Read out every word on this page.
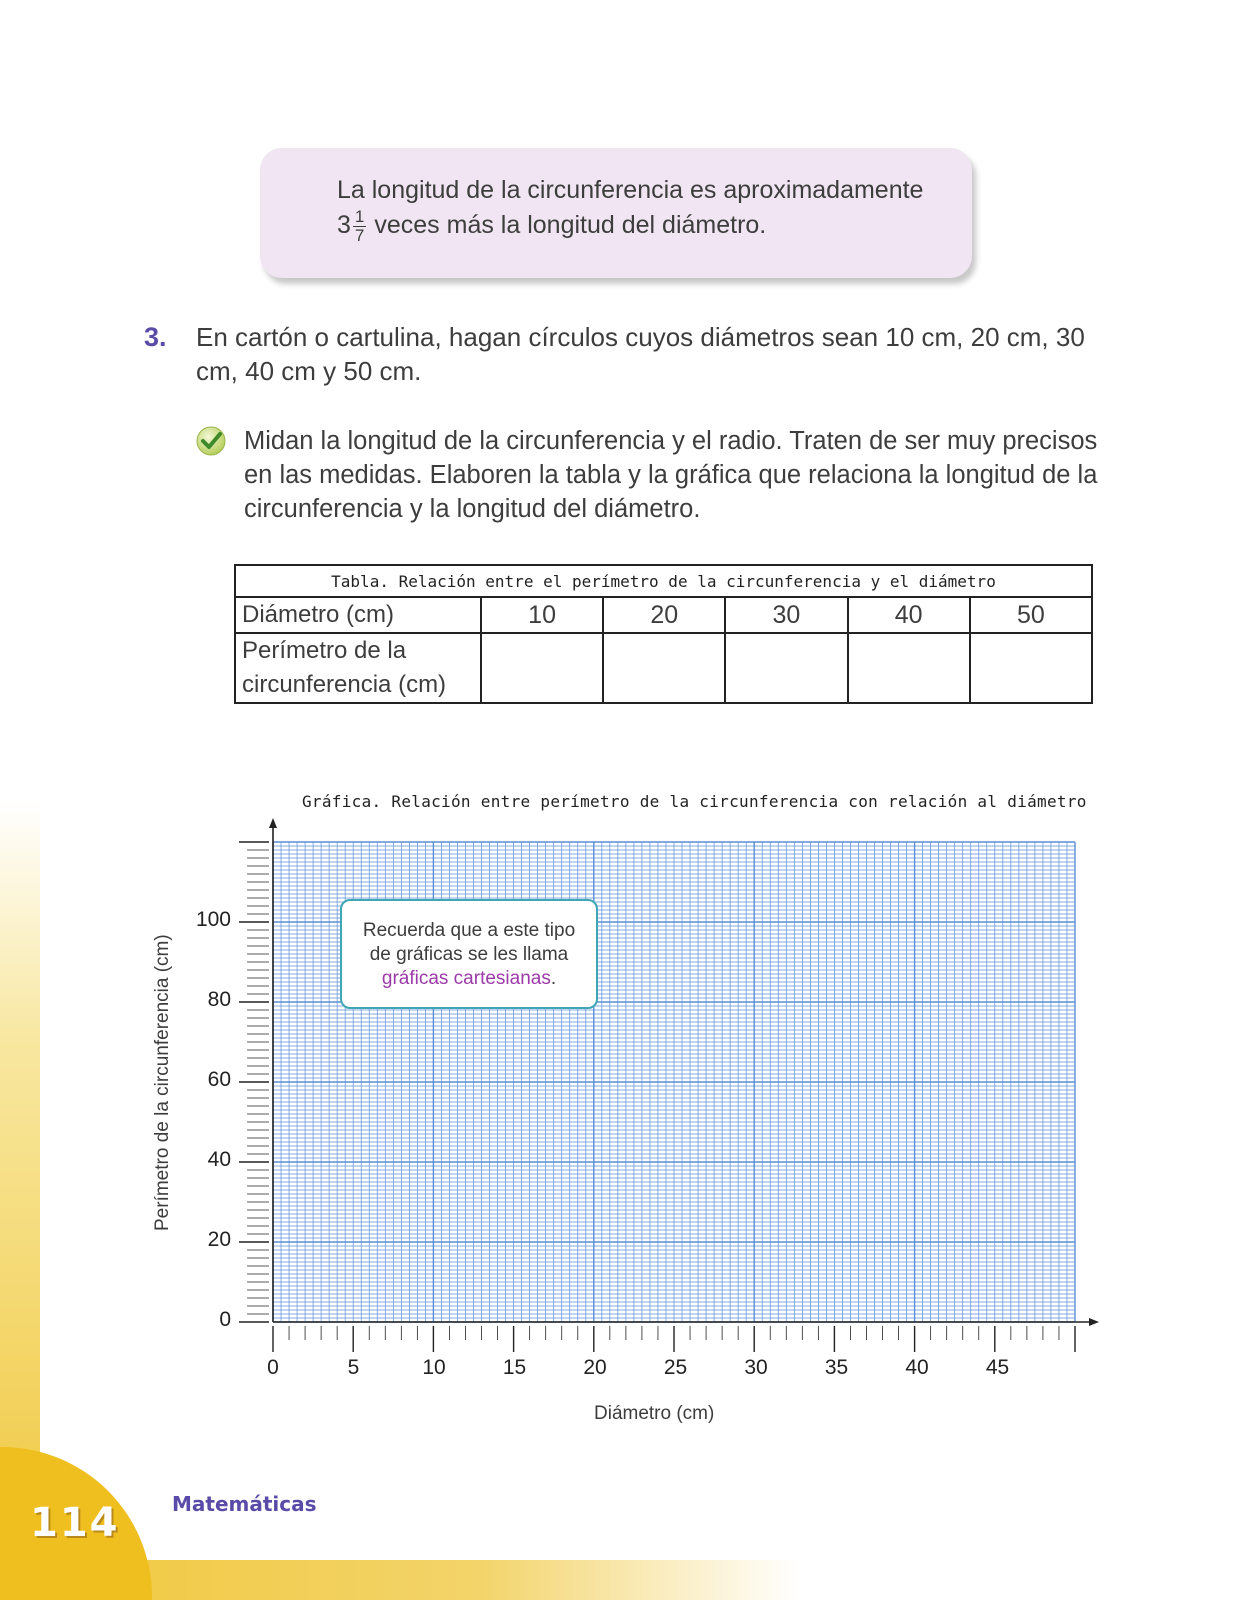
114	Matemáticas
La longitud de la circunferencia es aproximadamente
$3 \frac{1}{7}$ veces más la longitud del diámetro.
3. En cartón o cartulina, hagan círculos cuyos diámetros sean 10 cm, 20 cm, 30 cm, 40 cm y 50 cm.
Midan la longitud de la circunferencia y el radio. Traten de ser muy precisos en las medidas. Elaboren la tabla y la gráfica que relaciona la longitud de la circunferencia y la longitud del diámetro.
Tabla. Relación entre el perímetro de la circunferencia y el diámetro					
Diámetro (cm)	10	20	30	40	50

Perímetro de la
circunferencia (cm)					

Gráfica. Relación entre perímetro de la circunferencia con relación al diámetro
Recuerda que a este tipo
de gráficas se les llama
gráficas cartesianas.
Perímetro de la circunferencia (cm)
Diámetro (cm)
0
20
40
60
80
100
0	5	10	15	20	25	30	35	40	45
